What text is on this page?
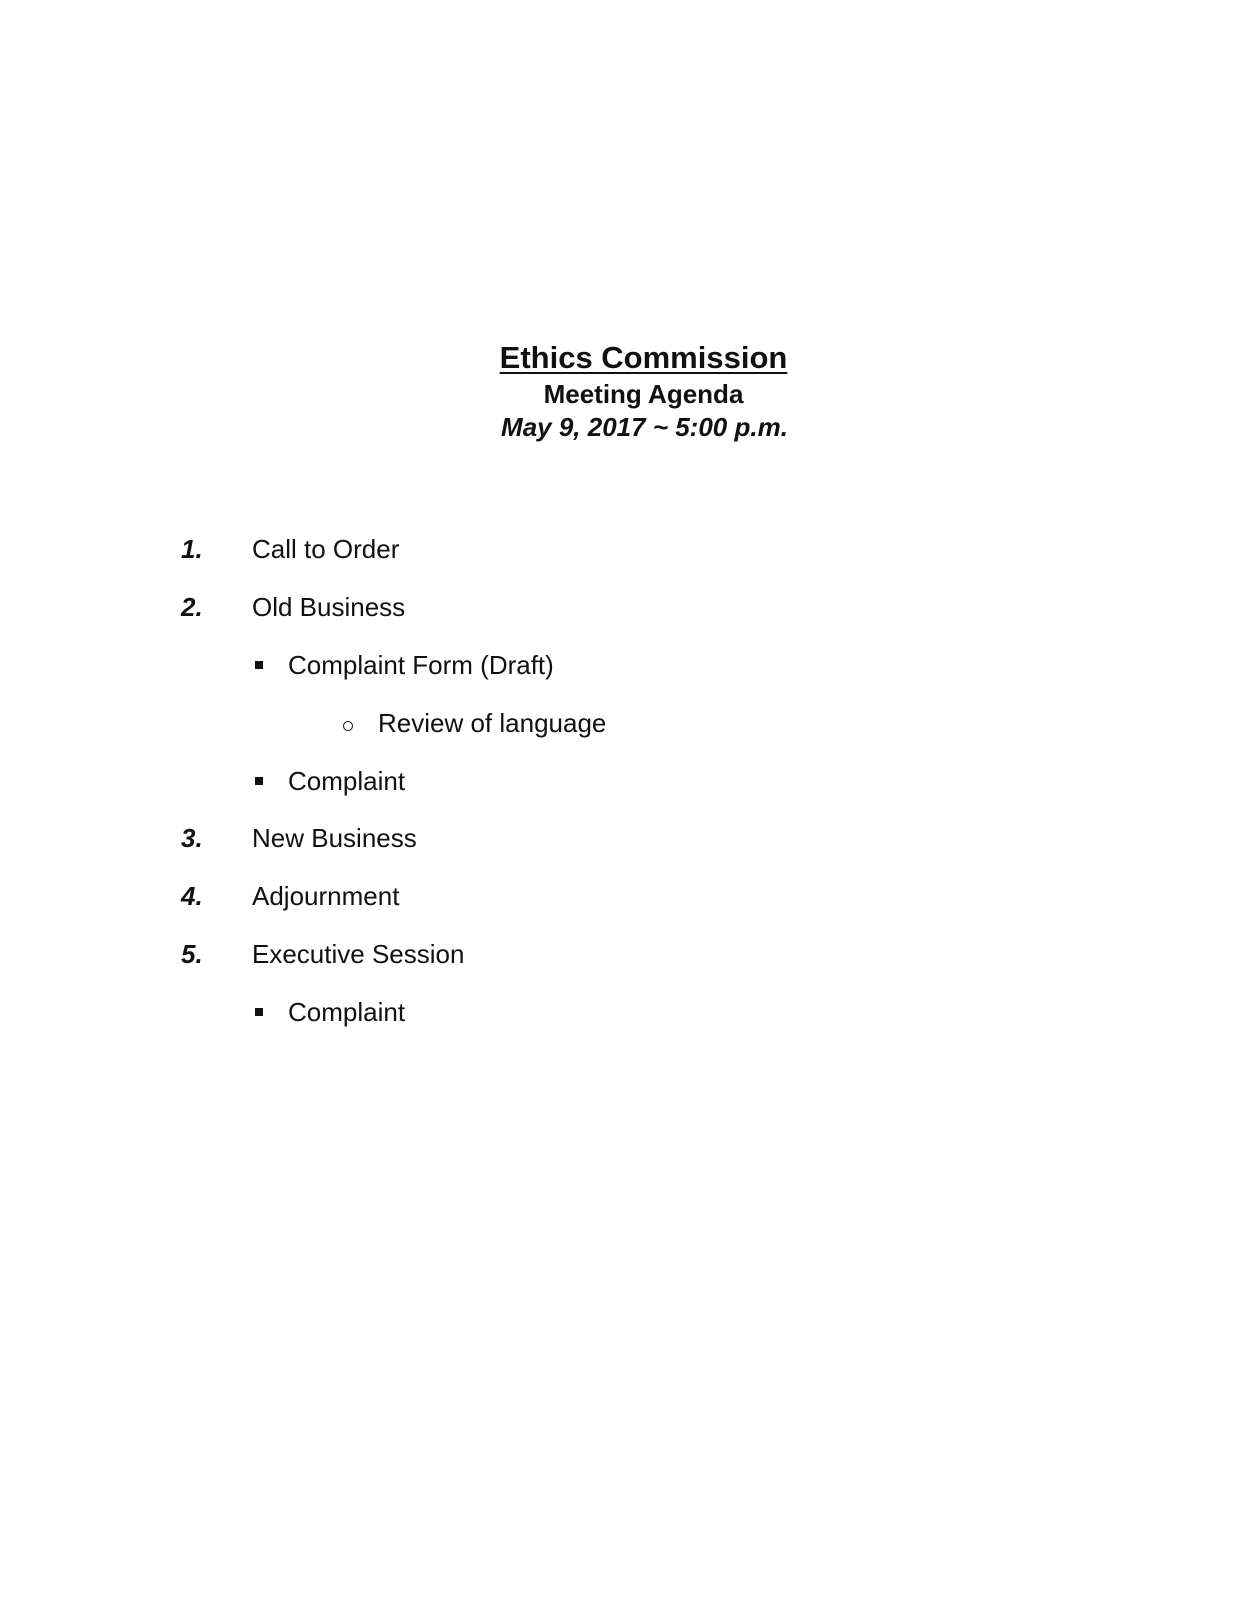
Ethics Commission
Meeting Agenda
May 9, 2017 ~ 5:00 p.m.
1. Call to Order
2. Old Business
Complaint Form (Draft)
Review of language
Complaint
3. New Business
4. Adjournment
5. Executive Session
Complaint
